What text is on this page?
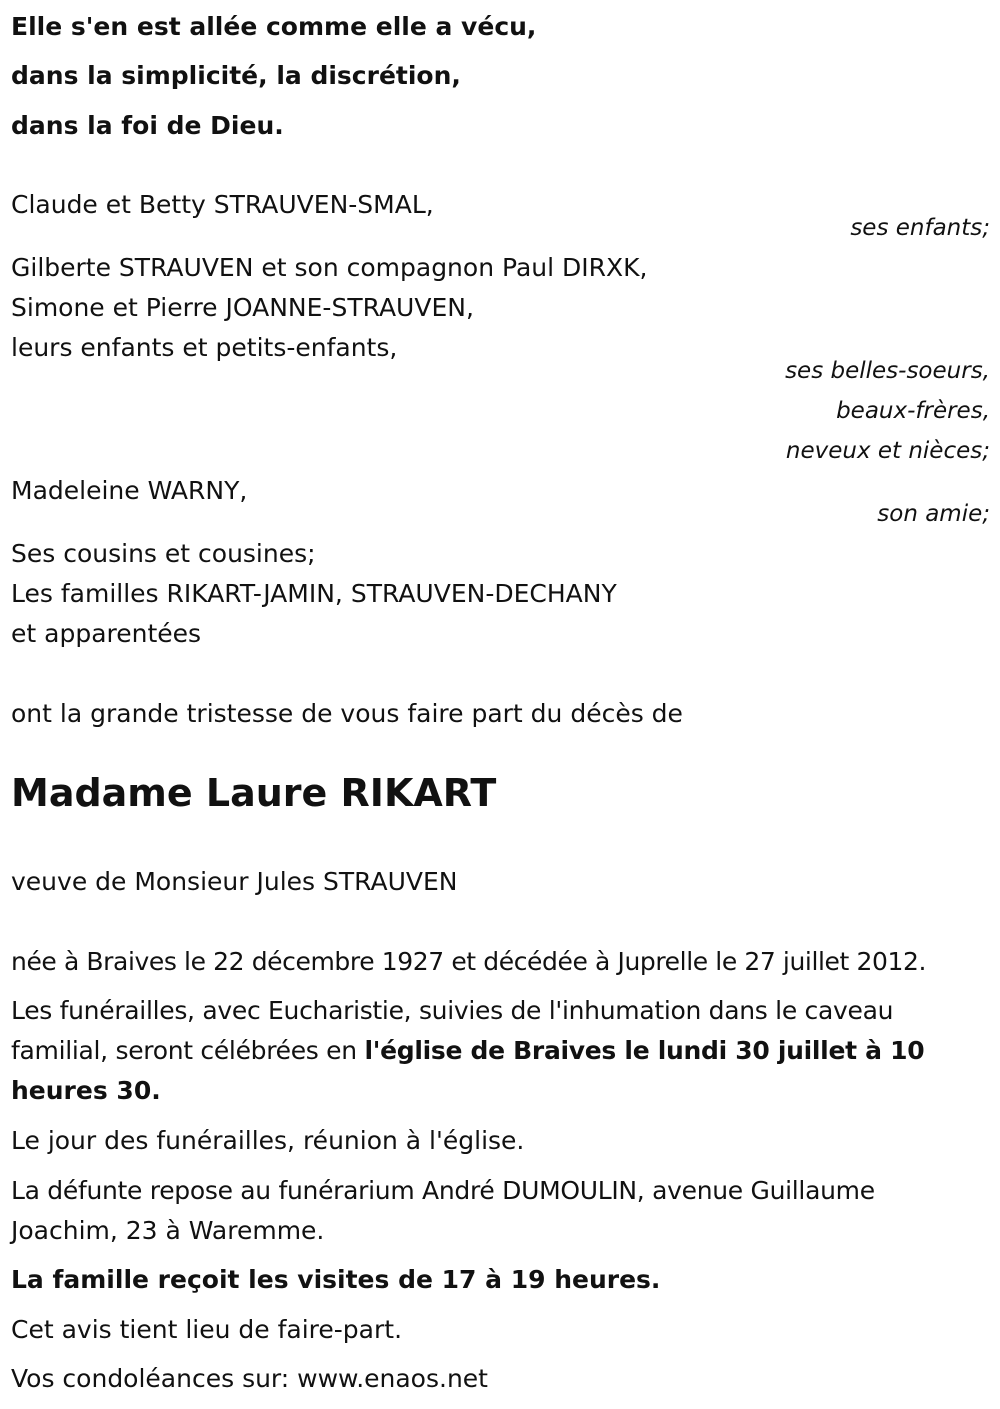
Elle s'en est allée comme elle a vécu,
dans la simplicité, la discrétion,
dans la foi de Dieu.
Claude et Betty STRAUVEN-SMAL,
ses enfants;
Gilberte STRAUVEN et son compagnon Paul DIRXK,
Simone et Pierre JOANNE-STRAUVEN,
leurs enfants et petits-enfants,
ses belles-soeurs,
beaux-frères,
neveux et nièces;
Madeleine WARNY,
son amie;
Ses cousins et cousines;
Les familles RIKART-JAMIN, STRAUVEN-DECHANY
et apparentées
ont la grande tristesse de vous faire part du décès de
Madame Laure RIKART
veuve de Monsieur Jules STRAUVEN
née à Braives le 22 décembre 1927 et décédée à Juprelle le 27 juillet 2012.
Les funérailles, avec Eucharistie, suivies de l'inhumation dans le caveau
familial, seront célébrées en l'église de Braives le lundi 30 juillet à 10
heures 30.
Le jour des funérailles, réunion à l'église.
La défunte repose au funérarium André DUMOULIN, avenue Guillaume
Joachim, 23 à Waremme.
La famille reçoit les visites de 17 à 19 heures.
Cet avis tient lieu de faire-part.
Vos condoléances sur: www.enaos.net
